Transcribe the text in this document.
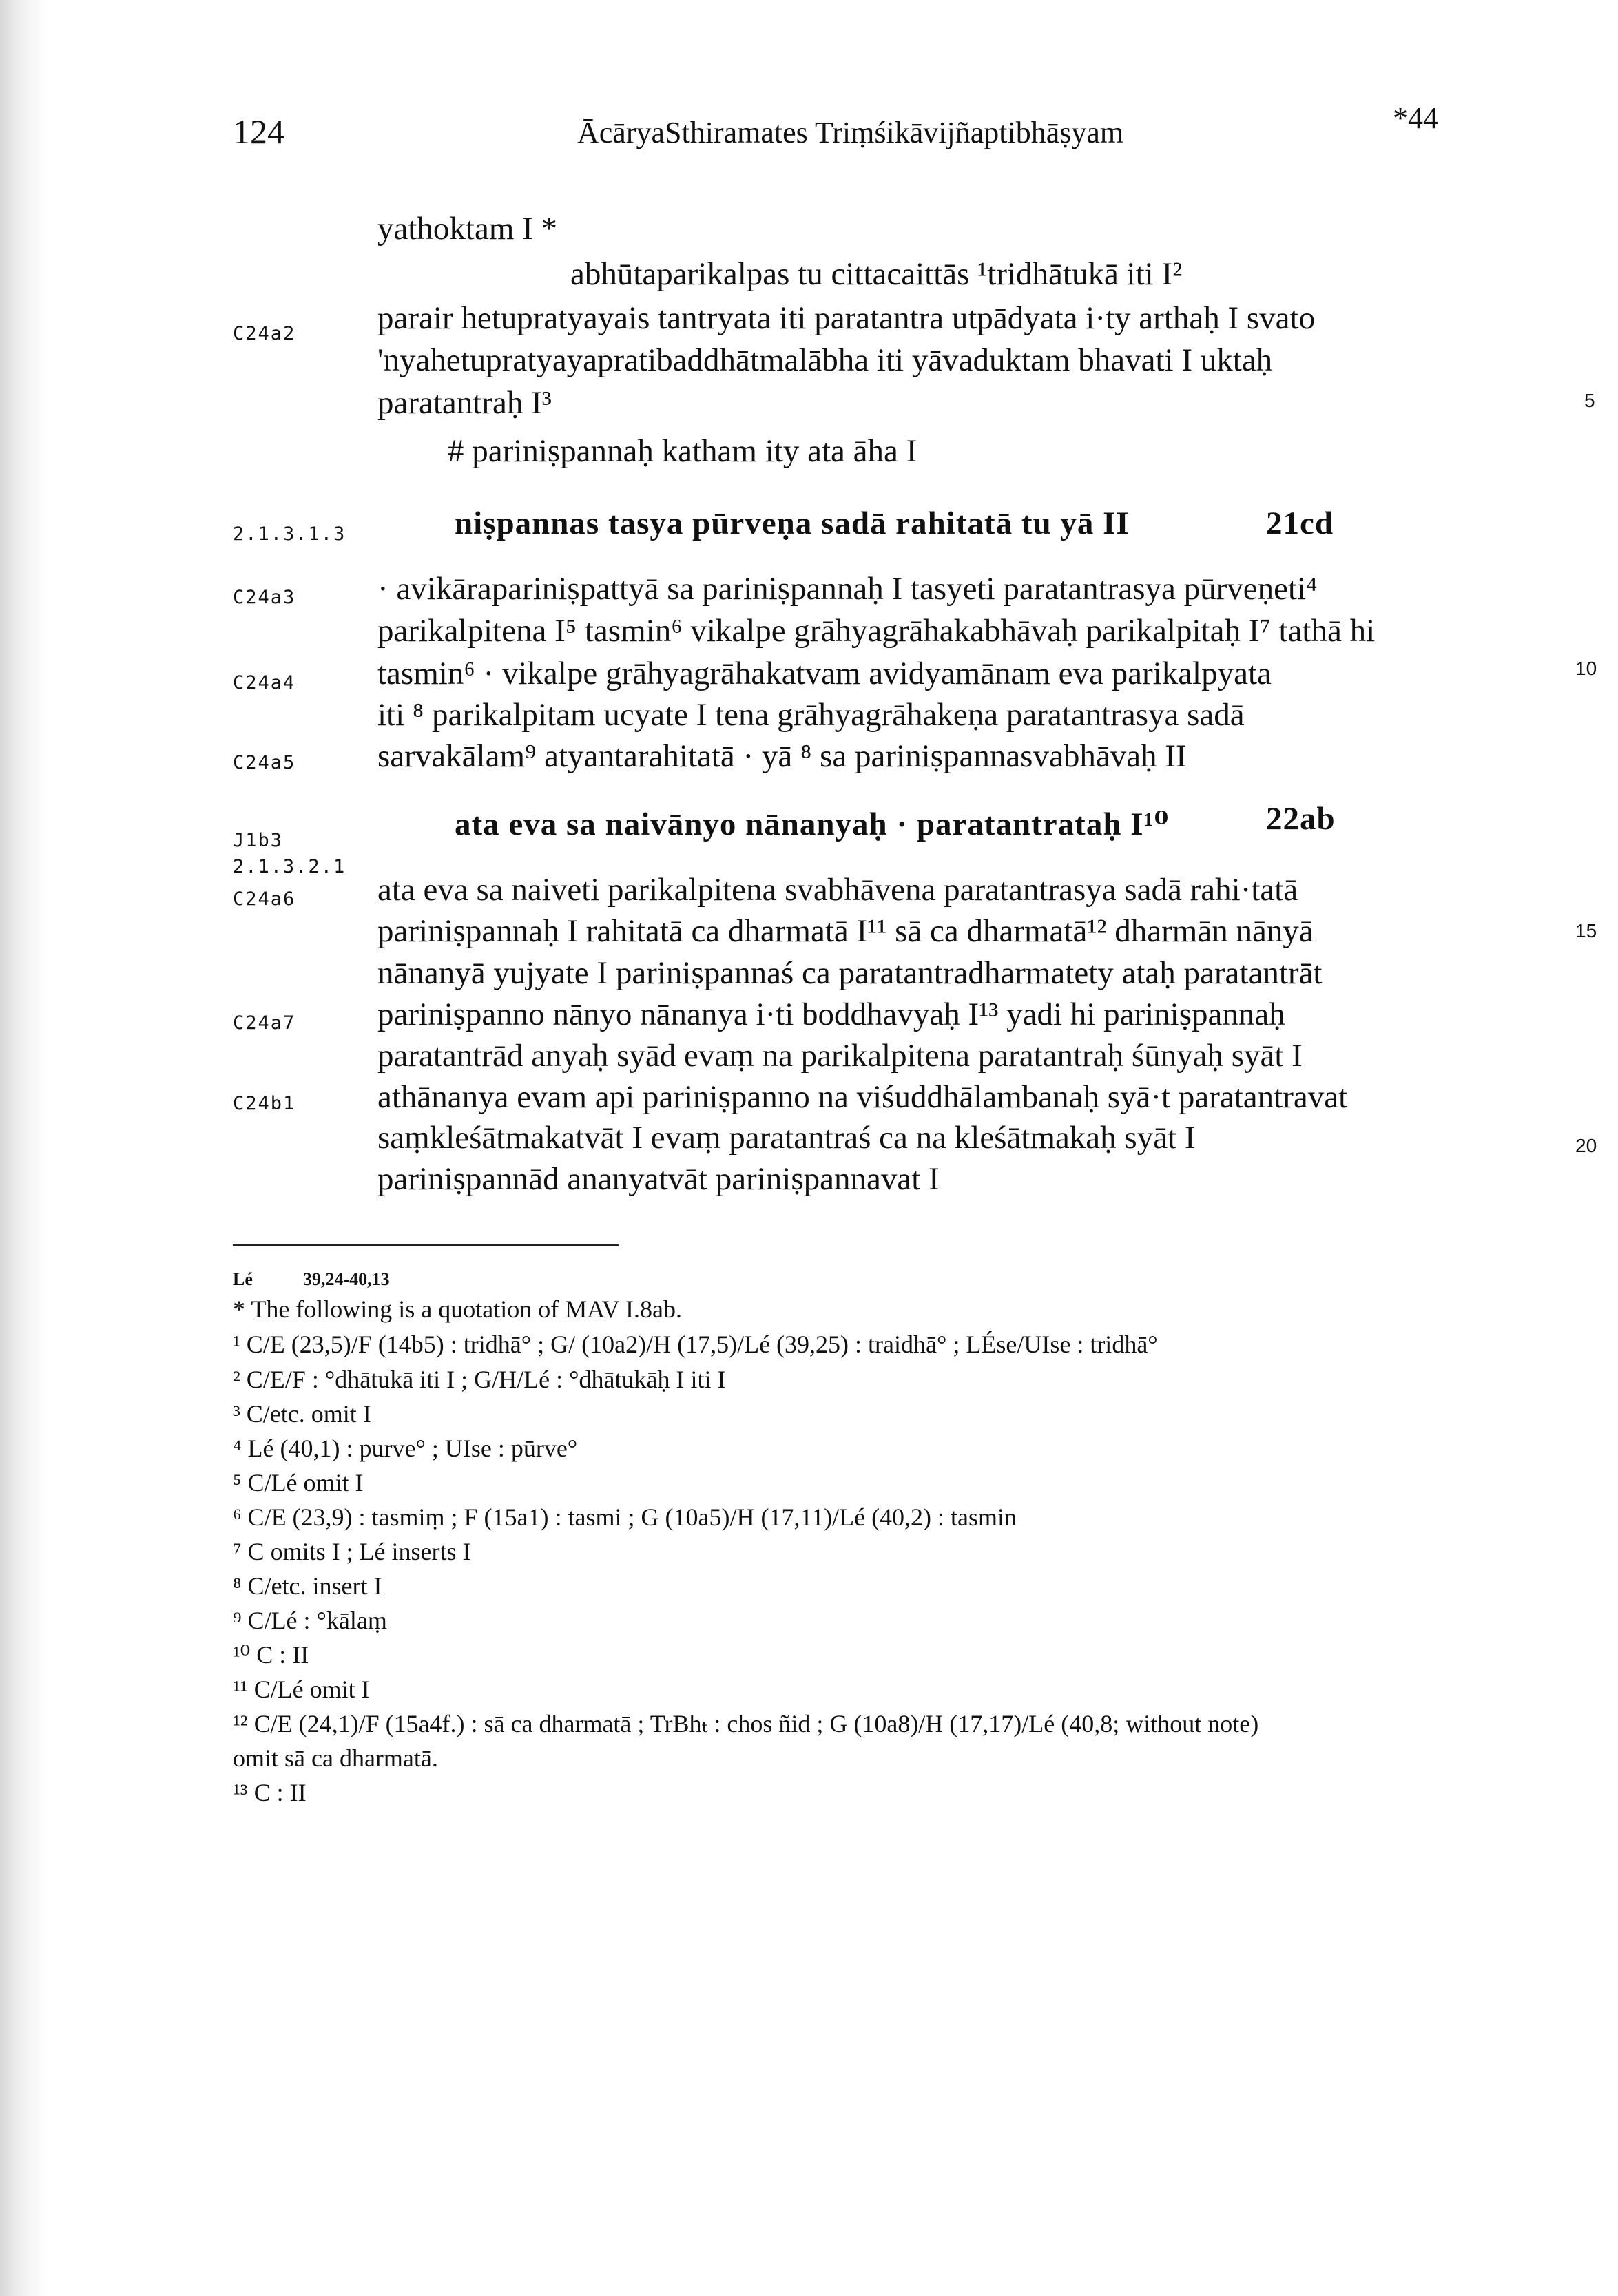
124	ĀcāryaSthiramates Triṃśikāvijñaptibhāṣyam	*44
C24a2
2.1.3.1.3
C24a3
C24a4
C24a5
J1b3
2.1.3.2.1
C24a6
C24a7
C24b1
5
10
15
20
yathoktam I *
abhūtaparikalpas tu cittacaittās ¹tridhātukā iti I²
parair hetupratyayais tantryata iti paratantra utpādyata i·ty arthaḥ I svato
'nyahetupratyayapratibaddhātmalābha iti yāvaduktam bhavati I uktaḥ
paratantraḥ I³
# pariniṣpannaḥ katham ity ata āha I
niṣpannas tasya pūrveṇa sadā rahitatā tu yā II	21cd
· avikārapariniṣpattyā sa pariniṣpannaḥ I tasyeti paratantrasya pūrveṇeti⁴
parikalpitena I⁵ tasmin⁶ vikalpe grāhyagrāhakabhāvaḥ parikalpitaḥ I⁷ tathā hi
tasmin⁶ · vikalpe grāhyagrāhakatvam avidyamānam eva parikalpyata
iti ⁸ parikalpitam ucyate I tena grāhyagrāhakeṇa paratantrasya sadā
sarvakālam⁹ atyantarahitatā · yā ⁸ sa pariniṣpannasvabhāvaḥ II
ata eva sa naivānyo nānanyaḥ · paratantrataḥ I¹⁰	22ab
ata eva sa naiveti parikalpitena svabhāvena paratantrasya sadā rahi·tatā
pariniṣpannaḥ I rahitatā ca dharmatā I¹¹ sā ca dharmatā¹² dharmān nānyā
nānanyā yujyate I pariniṣpannaś ca paratantradharmatety ataḥ paratantrāt
pariniṣpanno nānyo nānanya i·ti boddhavyaḥ I¹³ yadi hi pariniṣpannaḥ
paratantrād anyaḥ syād evaṃ na parikalpitena paratantraḥ śūnyaḥ syāt I
athānanya evam api pariniṣpanno na viśuddhālambanaḥ syā·t paratantravat
saṃkleśātmakatvāt I evaṃ paratantraś ca na kleśātmakaḥ syāt I
pariniṣpannād ananyatvāt pariniṣpannavat I
Lé	39,24-40,13
* The following is a quotation of MAV I.8ab.
¹ C/E (23,5)/F (14b5) : tridhā° ; G/ (10a2)/H (17,5)/Lé (39,25) : traidhā° ; LÉse/UIse : tridhā°
² C/E/F : °dhātukā iti I ; G/H/Lé : °dhātukāḥ I iti I
³ C/etc. omit I
⁴ Lé (40,1) : purve° ; UIse : pūrve°
⁵ C/Lé omit I
⁶ C/E (23,9) : tasmiṃ ; F (15a1) : tasmi ; G (10a5)/H (17,11)/Lé (40,2) : tasmin
⁷ C omits I ; Lé inserts I
⁸ C/etc. insert I
⁹ C/Lé : °kālaṃ
¹⁰ C : II
¹¹ C/Lé omit I
¹² C/E (24,1)/F (15a4f.) : sā ca dharmatā ; TrBhₜ : chos ñid ; G (10a8)/H (17,17)/Lé (40,8; without note)
omit sā ca dharmatā.
¹³ C : II
